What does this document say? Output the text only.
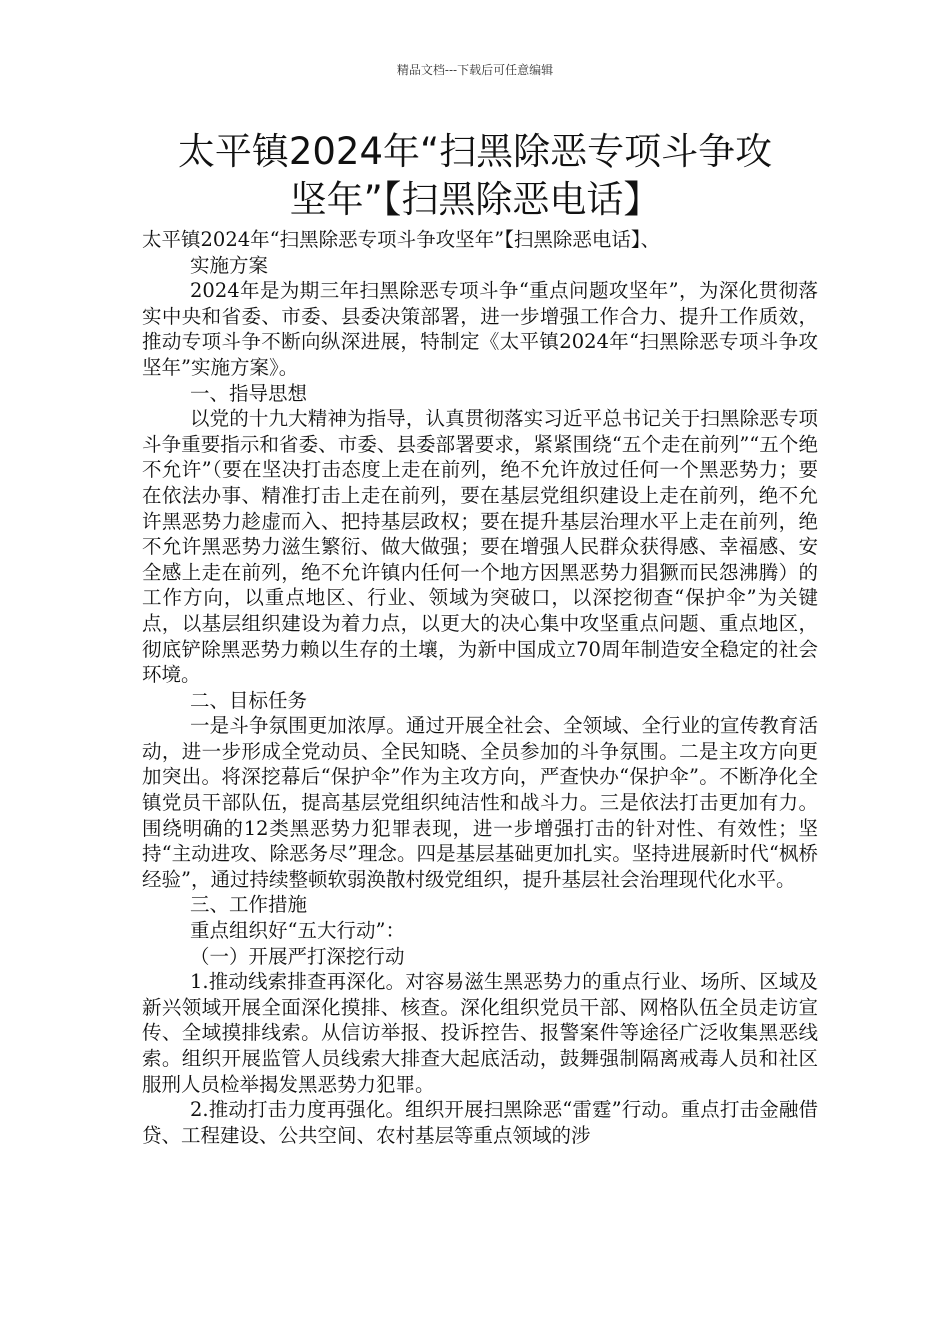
精品文档---下载后可任意编辑
太平镇2024年“扫黑除恶专项斗争攻
坚年”【扫黑除恶电话】

太平镇2024年“扫黑除恶专项斗争攻坚年”【扫黑除恶电话】、

实施方案

2024年是为期三年扫黑除恶专项斗争“重点问题攻坚年”，为深化贯彻落实中央和省委、市委、县委决策部署，进一步增强工作合力、提升工作质效，推动专项斗争不断向纵深进展，特制定《太平镇2024年“扫黑除恶专项斗争攻坚年”实施方案》。

一、指导思想

以党的十九大精神为指导，认真贯彻落实习近平总书记关于扫黑除恶专项斗争重要指示和省委、市委、县委部署要求，紧紧围绕“五个走在前列”“五个绝不允许”（要在坚决打击态度上走在前列，绝不允许放过任何一个黑恶势力；要在依法办事、精准打击上走在前列，要在基层党组织建设上走在前列，绝不允许黑恶势力趁虚而入、把持基层政权；要在提升基层治理水平上走在前列，绝不允许黑恶势力滋生繁衍、做大做强；要在增强人民群众获得感、幸福感、安全感上走在前列，绝不允许镇内任何一个地方因黑恶势力猖獗而民怨沸腾）的工作方向，以重点地区、行业、领域为突破口，以深挖彻查“保护伞”为关键点，以基层组织建设为着力点，以更大的决心集中攻坚重点问题、重点地区，彻底铲除黑恶势力赖以生存的土壤，为新中国成立70周年制造安全稳定的社会环境。

二、目标任务

一是斗争氛围更加浓厚。通过开展全社会、全领域、全行业的宣传教育活动，进一步形成全党动员、全民知晓、全员参加的斗争氛围。二是主攻方向更加突出。将深挖幕后“保护伞”作为主攻方向，严查快办“保护伞”。不断净化全镇党员干部队伍，提高基层党组织纯洁性和战斗力。三是依法打击更加有力。围绕明确的12类黑恶势力犯罪表现，进一步增强打击的针对性、有效性；坚持“主动进攻、除恶务尽”理念。四是基层基础更加扎实。坚持进展新时代“枫桥经验”，通过持续整顿软弱涣散村级党组织，提升基层社会治理现代化水平。

三、工作措施

重点组织好“五大行动”：

（一）开展严打深挖行动

1.推动线索排查再深化。对容易滋生黑恶势力的重点行业、场所、区域及新兴领域开展全面深化摸排、核查。深化组织党员干部、网格队伍全员走访宣传、全域摸排线索。从信访举报、投诉控告、报警案件等途径广泛收集黑恶线索。组织开展监管人员线索大排查大起底活动，鼓舞强制隔离戒毒人员和社区服刑人员检举揭发黑恶势力犯罪。

2.推动打击力度再强化。组织开展扫黑除恶“雷霆”行动。重点打击金融借贷、工程建设、公共空间、农村基层等重点领域的涉
